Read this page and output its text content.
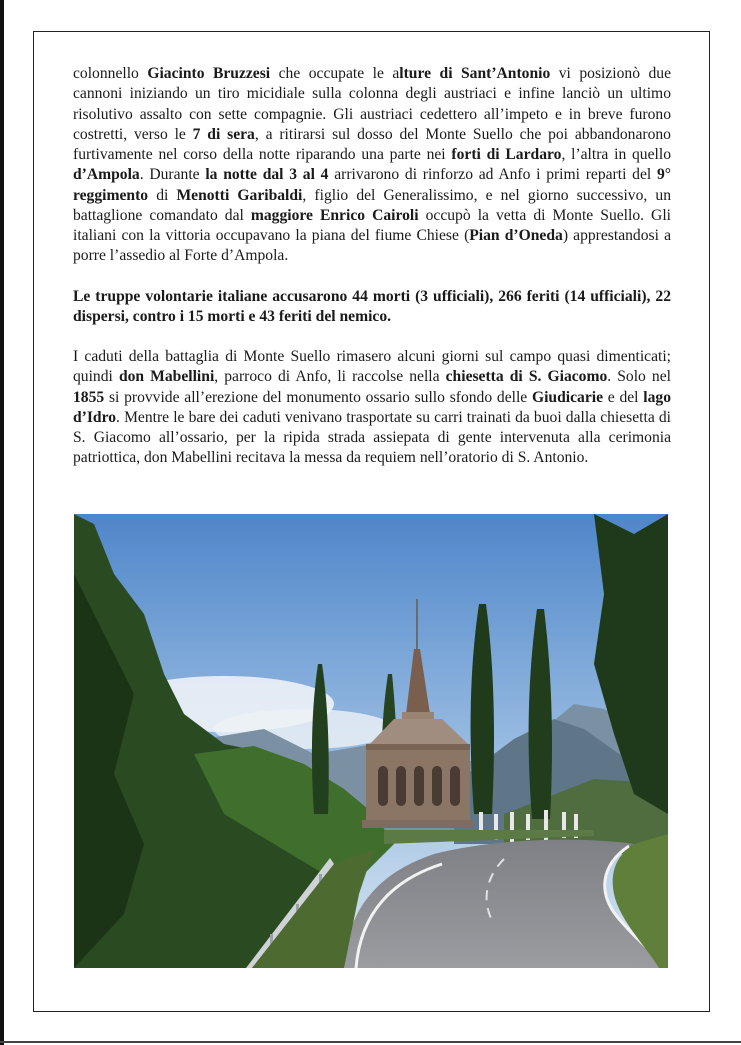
colonnello Giacinto Bruzzesi che occupate le alture di Sant’Antonio vi posizionò due cannoni iniziando un tiro micidiale sulla colonna degli austriaci e infine lanciò un ultimo risolutivo assalto con sette compagnie. Gli austriaci cedettero all’impeto e in breve furono costretti, verso le 7 di sera, a ritirarsi sul dosso del Monte Suello che poi abbandonarono furtivamente nel corso della notte riparando una parte nei forti di Lardaro, l’altra in quello d’Ampola. Durante la notte dal 3 al 4 arrivarono di rinforzo ad Anfo i primi reparti del 9° reggimento di Menotti Garibaldi, figlio del Generalissimo, e nel giorno successivo, un battaglione comandato dal maggiore Enrico Cairoli occupò la vetta di Monte Suello. Gli italiani con la vittoria occupavano la piana del fiume Chiese (Pian d’Oneda) apprestandosi a porre l’assedio al Forte d’Ampola.

Le truppe volontarie italiane accusarono 44 morti (3 ufficiali), 266 feriti (14 ufficiali), 22 dispersi, contro i 15 morti e 43 feriti del nemico.

I caduti della battaglia di Monte Suello rimasero alcuni giorni sul campo quasi dimenticati; quindi don Mabellini, parroco di Anfo, li raccolse nella chiesetta di S. Giacomo. Solo nel 1855 si provvide all’erezione del monumento ossario sullo sfondo delle Giudicarie e del lago d’Idro. Mentre le bare dei caduti venivano trasportate su carri trainati da buoi dalla chiesetta di S. Giacomo all’ossario, per la ripida strada assiepata di gente intervenuta alla cerimonia patriottica, don Mabellini recitava la messa da requiem nell’oratorio di S. Antonio.
